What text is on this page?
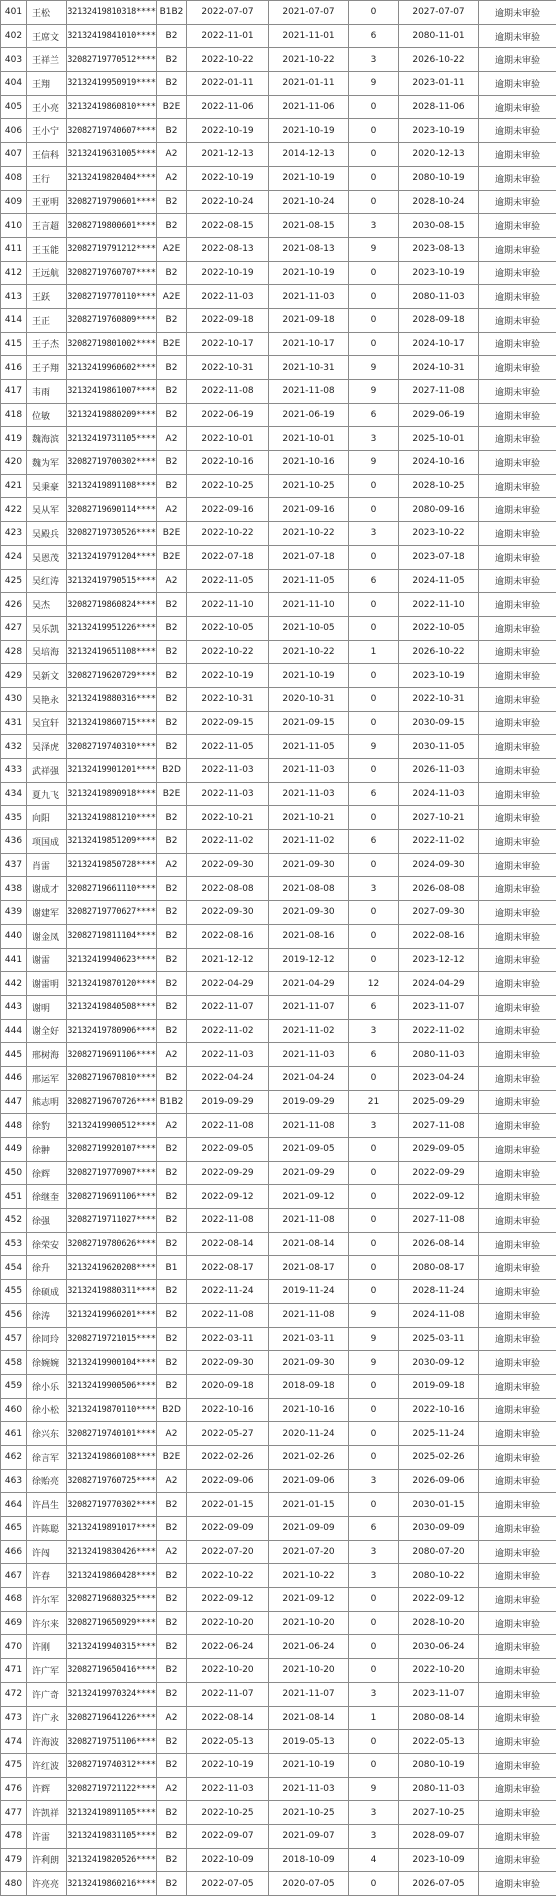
401	王松	32132419810318****	B1B2	2022-07-07	2021-07-07	0	2027-07-07	逾期未审验
402	王席文	32132419841010****	B2	2022-11-01	2021-11-01	6	2080-11-01	逾期未审验
403	王祥兰	32082719770512****	B2	2022-10-22	2021-10-22	3	2026-10-22	逾期未审验
404	王翔	32132419950919****	B2	2022-01-11	2021-01-11	9	2023-01-11	逾期未审验
405	王小亮	32132419860810****	B2E	2022-11-06	2021-11-06	0	2028-11-06	逾期未审验
406	王小宁	32082719740607****	B2	2022-10-19	2021-10-19	0	2023-10-19	逾期未审验
407	王信科	32132419631005****	A2	2021-12-13	2014-12-13	0	2020-12-13	逾期未审验
408	王行	32132419820404****	A2	2022-10-19	2021-10-19	0	2080-10-19	逾期未审验
409	王亚明	32082719790601****	B2	2022-10-24	2021-10-24	0	2028-10-24	逾期未审验
410	王言超	32082719800601****	B2	2022-08-15	2021-08-15	3	2030-08-15	逾期未审验
411	王玉能	32082719791212****	A2E	2022-08-13	2021-08-13	9	2023-08-13	逾期未审验
412	王远航	32082719760707****	B2	2022-10-19	2021-10-19	0	2023-10-19	逾期未审验
413	王跃	32082719770110****	A2E	2022-11-03	2021-11-03	0	2080-11-03	逾期未审验
414	王正	32082719760809****	B2	2022-09-18	2021-09-18	0	2028-09-18	逾期未审验
415	王子杰	32082719801002****	B2E	2022-10-17	2021-10-17	0	2024-10-17	逾期未审验
416	王子翔	32132419960602****	B2	2022-10-31	2021-10-31	9	2024-10-31	逾期未审验
417	韦雨	32132419861007****	B2	2022-11-08	2021-11-08	9	2027-11-08	逾期未审验
418	位敏	32132419880209****	B2	2022-06-19	2021-06-19	6	2029-06-19	逾期未审验
419	魏海滨	32132419731105****	A2	2022-10-01	2021-10-01	3	2025-10-01	逾期未审验
420	魏为军	32082719700302****	B2	2022-10-16	2021-10-16	9	2024-10-16	逾期未审验
421	吴秉豪	32132419891108****	B2	2022-10-25	2021-10-25	0	2028-10-25	逾期未审验
422	吴从军	32082719690114****	A2	2022-09-16	2021-09-16	0	2080-09-16	逾期未审验
423	吴殿兵	32082719730526****	B2E	2022-10-22	2021-10-22	3	2023-10-22	逾期未审验
424	吴恩茂	32132419791204****	B2E	2022-07-18	2021-07-18	0	2023-07-18	逾期未审验
425	吴红涛	32132419790515****	A2	2022-11-05	2021-11-05	6	2024-11-05	逾期未审验
426	吴杰	32082719860824****	B2	2022-11-10	2021-11-10	0	2022-11-10	逾期未审验
427	吴乐凯	32132419951226****	B2	2022-10-05	2021-10-05	0	2022-10-05	逾期未审验
428	吴培海	32132419651108****	B2	2022-10-22	2021-10-22	1	2026-10-22	逾期未审验
429	吴新文	32082719620729****	B2	2022-10-19	2021-10-19	0	2023-10-19	逾期未审验
430	吴艳永	32132419880316****	B2	2022-10-31	2020-10-31	0	2022-10-31	逾期未审验
431	吴宜轩	32132419860715****	B2	2022-09-15	2021-09-15	0	2030-09-15	逾期未审验
432	吴泽虎	32082719740310****	B2	2022-11-05	2021-11-05	9	2030-11-05	逾期未审验
433	武祥强	32132419901201****	B2D	2022-11-03	2021-11-03	0	2026-11-03	逾期未审验
434	夏九飞	32132419890918****	B2E	2022-11-03	2021-11-03	6	2024-11-03	逾期未审验
435	向阳	32132419881210****	B2	2022-10-21	2021-10-21	0	2027-10-21	逾期未审验
436	项国成	32132419851209****	B2	2022-11-02	2021-11-02	6	2022-11-02	逾期未审验
437	肖雷	32132419850728****	A2	2022-09-30	2021-09-30	0	2024-09-30	逾期未审验
438	谢成才	32082719661110****	B2	2022-08-08	2021-08-08	3	2026-08-08	逾期未审验
439	谢建军	32082719770627****	B2	2022-09-30	2021-09-30	0	2027-09-30	逾期未审验
440	谢金凤	32082719811104****	B2	2022-08-16	2021-08-16	0	2022-08-16	逾期未审验
441	谢雷	32132419940623****	B2	2021-12-12	2019-12-12	0	2023-12-12	逾期未审验
442	谢雷明	32132419870120****	B2	2022-04-29	2021-04-29	12	2024-04-29	逾期未审验
443	谢明	32132419840508****	B2	2022-11-07	2021-11-07	6	2023-11-07	逾期未审验
444	谢全好	32132419780906****	B2	2022-11-02	2021-11-02	3	2022-11-02	逾期未审验
445	邢树海	32082719691106****	A2	2022-11-03	2021-11-03	6	2080-11-03	逾期未审验
446	邢运军	32082719670810****	B2	2022-04-24	2021-04-24	0	2023-04-24	逾期未审验
447	熊志明	32082719670726****	B1B2	2019-09-29	2019-09-29	21	2025-09-29	逾期未审验
448	徐豹	32132419900512****	A2	2022-11-08	2021-11-08	3	2027-11-08	逾期未审验
449	徐翀	32082719920107****	B2	2022-09-05	2021-09-05	0	2029-09-05	逾期未审验
450	徐辉	32082719770907****	B2	2022-09-29	2021-09-29	0	2022-09-29	逾期未审验
451	徐继奎	32082719691106****	B2	2022-09-12	2021-09-12	0	2022-09-12	逾期未审验
452	徐强	32082719711027****	B2	2022-11-08	2021-11-08	0	2027-11-08	逾期未审验
453	徐荣安	32082719780626****	B2	2022-08-14	2021-08-14	0	2026-08-14	逾期未审验
454	徐升	32132419620208****	B1	2022-08-17	2021-08-17	0	2080-08-17	逾期未审验
455	徐硕成	32132419880311****	B2	2022-11-24	2019-11-24	0	2028-11-24	逾期未审验
456	徐涛	32132419960201****	B2	2022-11-08	2021-11-08	9	2024-11-08	逾期未审验
457	徐同玲	32082719721015****	B2	2022-03-11	2021-03-11	9	2025-03-11	逾期未审验
458	徐婉婉	32132419900104****	B2	2022-09-30	2021-09-30	9	2030-09-12	逾期未审验
459	徐小乐	32132419900506****	B2	2020-09-18	2018-09-18	0	2019-09-18	逾期未审验
460	徐小松	32132419870110****	B2D	2022-10-16	2021-10-16	0	2022-10-16	逾期未审验
461	徐兴东	32082719740101****	A2	2022-05-27	2020-11-24	0	2025-11-24	逾期未审验
462	徐言军	32132419860108****	B2E	2022-02-26	2021-02-26	0	2025-02-26	逾期未审验
463	徐贻亮	32082719760725****	A2	2022-09-06	2021-09-06	3	2026-09-06	逾期未审验
464	许昌生	32082719770302****	B2	2022-01-15	2021-01-15	0	2030-01-15	逾期未审验
465	许陈聪	32132419891017****	B2	2022-09-09	2021-09-09	6	2030-09-09	逾期未审验
466	许闯	32132419830426****	A2	2022-07-20	2021-07-20	3	2080-07-20	逾期未审验
467	许春	32132419860428****	B2	2022-10-22	2021-10-22	3	2080-10-22	逾期未审验
468	许尔军	32082719680325****	B2	2022-09-12	2021-09-12	0	2022-09-12	逾期未审验
469	许尔来	32082719650929****	B2	2022-10-20	2021-10-20	0	2028-10-20	逾期未审验
470	许刚	32132419940315****	B2	2022-06-24	2021-06-24	0	2030-06-24	逾期未审验
471	许广军	32082719650416****	B2	2022-10-20	2021-10-20	0	2022-10-20	逾期未审验
472	许广奇	32132419970324****	B2	2022-11-07	2021-11-07	3	2023-11-07	逾期未审验
473	许广永	32082719641226****	A2	2022-08-14	2021-08-14	1	2080-08-14	逾期未审验
474	许海波	32082719751106****	B2	2022-05-13	2019-05-13	0	2022-05-13	逾期未审验
475	许红波	32082719740312****	B2	2022-10-19	2021-10-19	0	2080-10-19	逾期未审验
476	许辉	32082719721122****	A2	2022-11-03	2021-11-03	9	2080-11-03	逾期未审验
477	许凯祥	32132419891105****	B2	2022-10-25	2021-10-25	3	2027-10-25	逾期未审验
478	许雷	32132419831105****	B2	2022-09-07	2021-09-07	3	2028-09-07	逾期未审验
479	许利朗	32132419820526****	B2	2022-10-09	2018-10-09	4	2023-10-09	逾期未审验
480	许亮亮	32132419860216****	B2	2022-07-05	2020-07-05	0	2026-07-05	逾期未审验
